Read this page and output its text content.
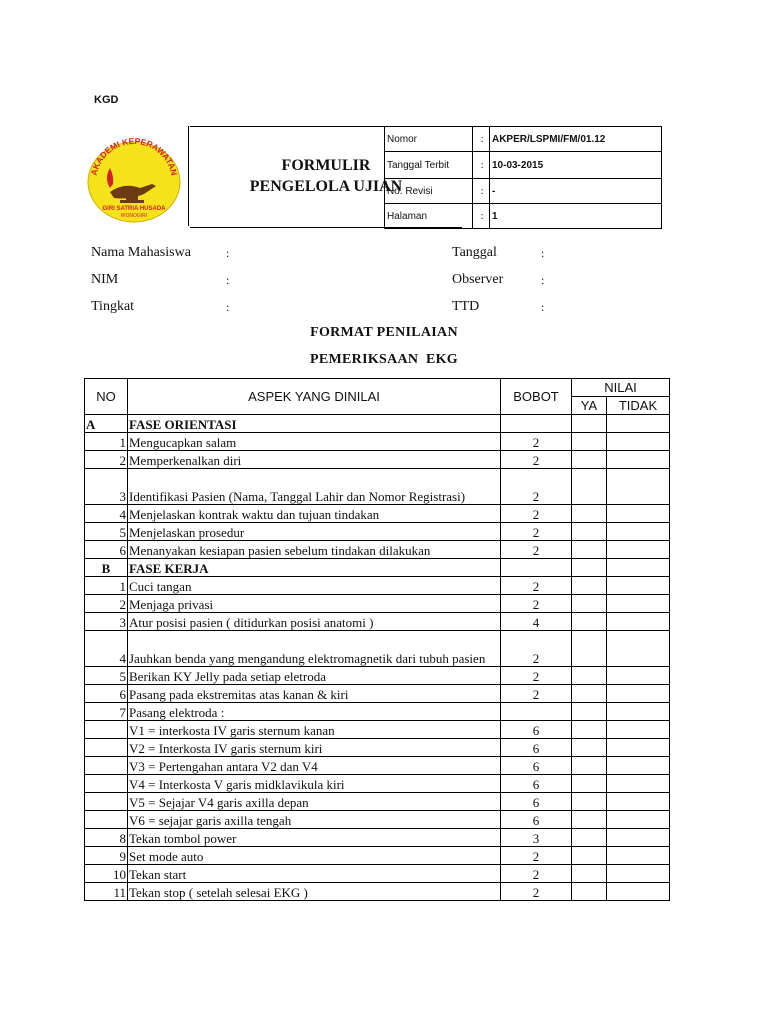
KGD
AKADEMI KEPERAWATAN
GIRI SATRIA HUSADA
WONOGIRI
FORMULIR
PENGELOLA UJIAN
Nomor	:	AKPER/LSPMI/FM/01.12
Tanggal Terbit	:	10-03-2015
No. Revisi	:	-
Halaman	:	1
Nama Mahasiswa	:
NIM	:
Tingkat	:
Tanggal	:
Observer	:
TTD	:
FORMAT PENILAIAN
PEMERIKSAAN  EKG
NO	ASPEK YANG DINILAI	BOBOT	NILAI	
			YA	TIDAK
A	FASE ORIENTASI			
1	Mengucapkan salam	2		
2	Memperkenalkan diri	2		
3	Identifikasi Pasien (Nama, Tanggal Lahir dan Nomor Registrasi)	2		
4	Menjelaskan kontrak waktu dan tujuan tindakan	2		
5	Menjelaskan prosedur	2		
6	Menanyakan kesiapan pasien sebelum tindakan dilakukan	2		
B	FASE KERJA			
1	Cuci tangan	2		
2	Menjaga privasi	2		
3	Atur posisi pasien ( ditidurkan posisi anatomi )	4		
4	Jauhkan benda yang mengandung elektromagnetik dari tubuh pasien	2		
5	Berikan KY Jelly pada setiap eletroda	2		
6	Pasang pada ekstremitas atas kanan & kiri	2		
7	Pasang elektroda :			
	V1 = interkosta IV garis sternum kanan	6		
	V2 = Interkosta IV garis sternum kiri	6		
	V3 = Pertengahan antara V2 dan V4	6		
	V4 = Interkosta V garis midklavikula kiri	6		
	V5 = Sejajar V4 garis axilla depan	6		
	V6 = sejajar garis axilla tengah	6		
8	Tekan tombol power	3		
9	Set mode auto	2		
10	Tekan start	2		
11	Tekan stop ( setelah selesai EKG )	2		
